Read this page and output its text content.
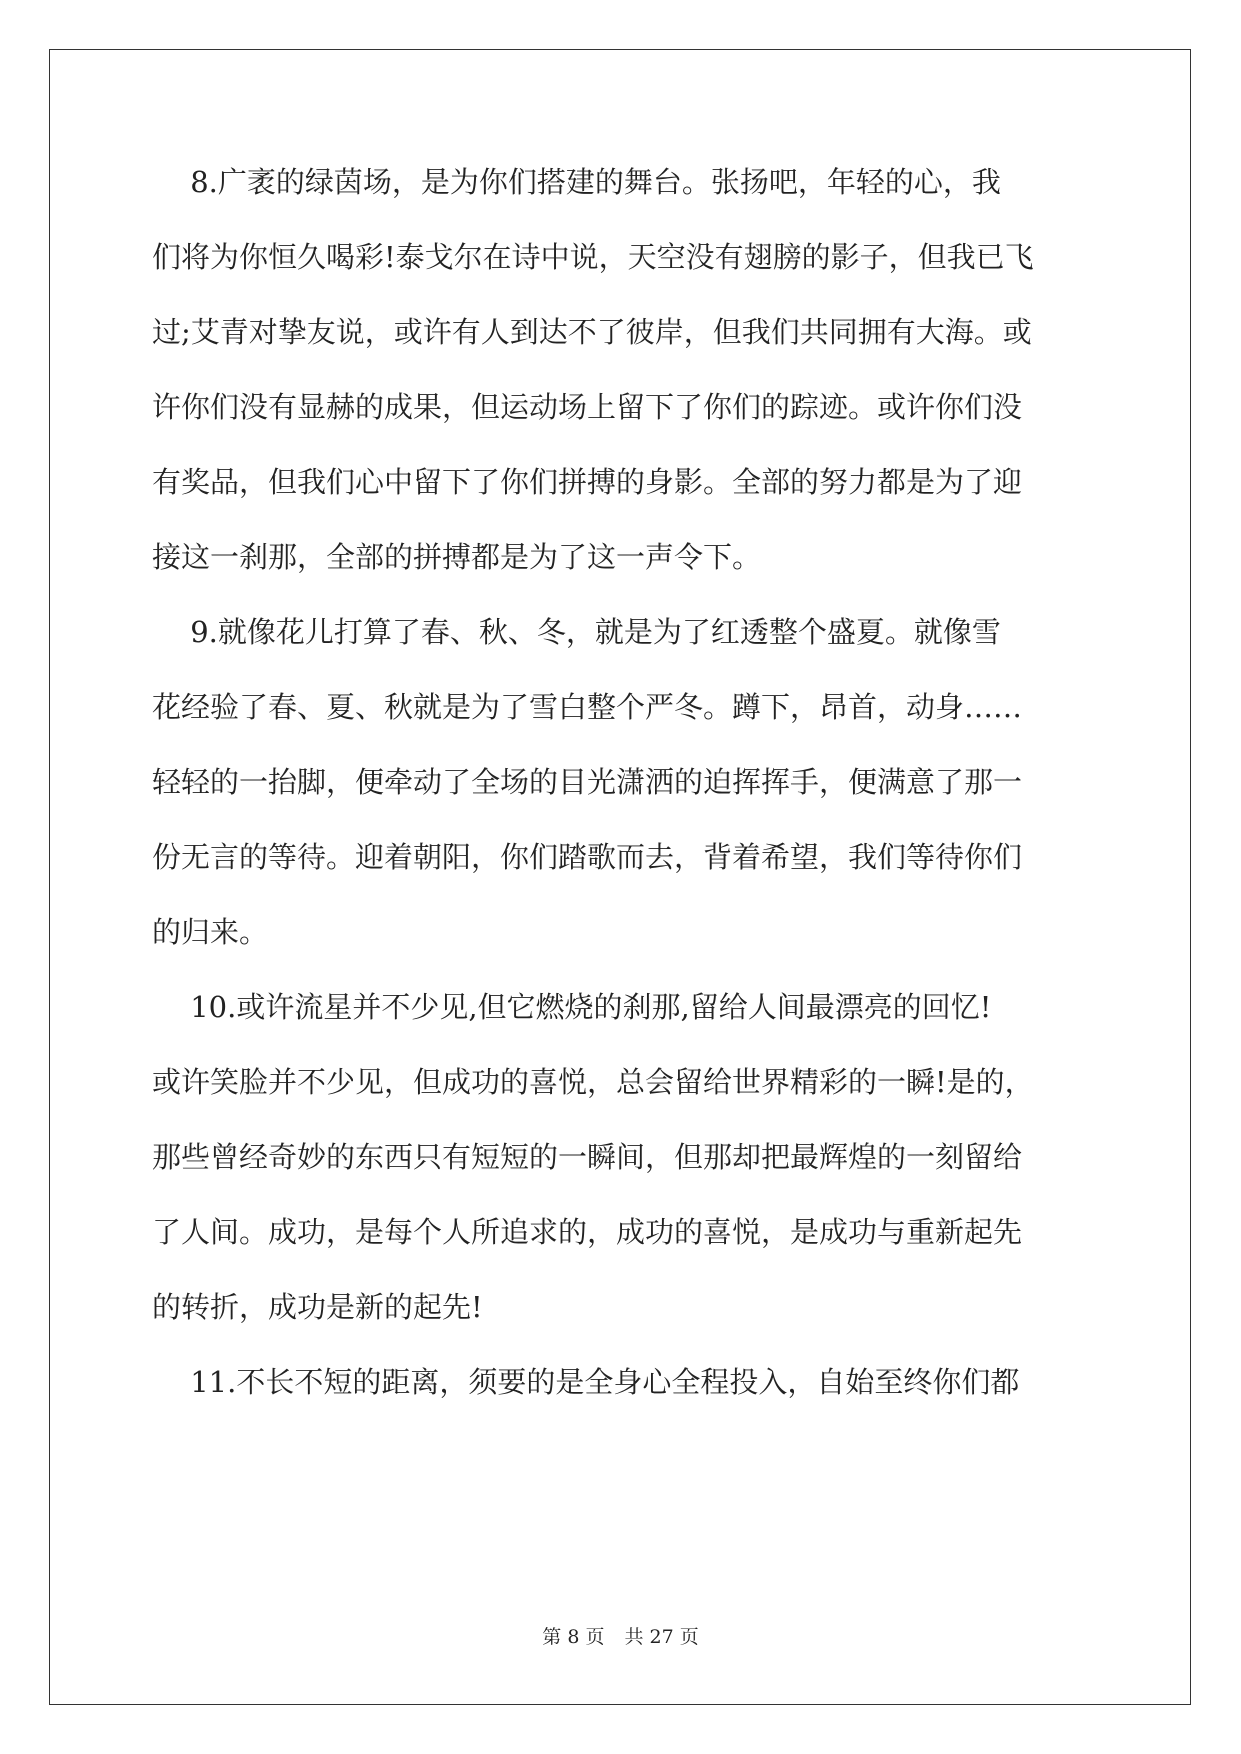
　 8.广袤的绿茵场，是为你们搭建的舞台。张扬吧，年轻的心，我
们将为你恒久喝彩!泰戈尔在诗中说，天空没有翅膀的影子，但我已飞
过;艾青对挚友说，或许有人到达不了彼岸，但我们共同拥有大海。或
许你们没有显赫的成果，但运动场上留下了你们的踪迹。或许你们没
有奖品，但我们心中留下了你们拼搏的身影。全部的努力都是为了迎
接这一刹那，全部的拼搏都是为了这一声令下。
　 9.就像花儿打算了春、秋、冬，就是为了红透整个盛夏。就像雪
花经验了春、夏、秋就是为了雪白整个严冬。蹲下，昂首，动身……
轻轻的一抬脚，便牵动了全场的目光潇洒的迫挥挥手，便满意了那一
份无言的等待。迎着朝阳，你们踏歌而去，背着希望，我们等待你们
的归来。
　 10.或许流星并不少见,但它燃烧的刹那,留给人间最漂亮的回忆!
或许笑脸并不少见，但成功的喜悦，总会留给世界精彩的一瞬!是的，
那些曾经奇妙的东西只有短短的一瞬间，但那却把最辉煌的一刻留给
了人间。成功，是每个人所追求的，成功的喜悦，是成功与重新起先
的转折，成功是新的起先!
　 11.不长不短的距离，须要的是全身心全程投入，自始至终你们都
第 8 页 共 27 页
